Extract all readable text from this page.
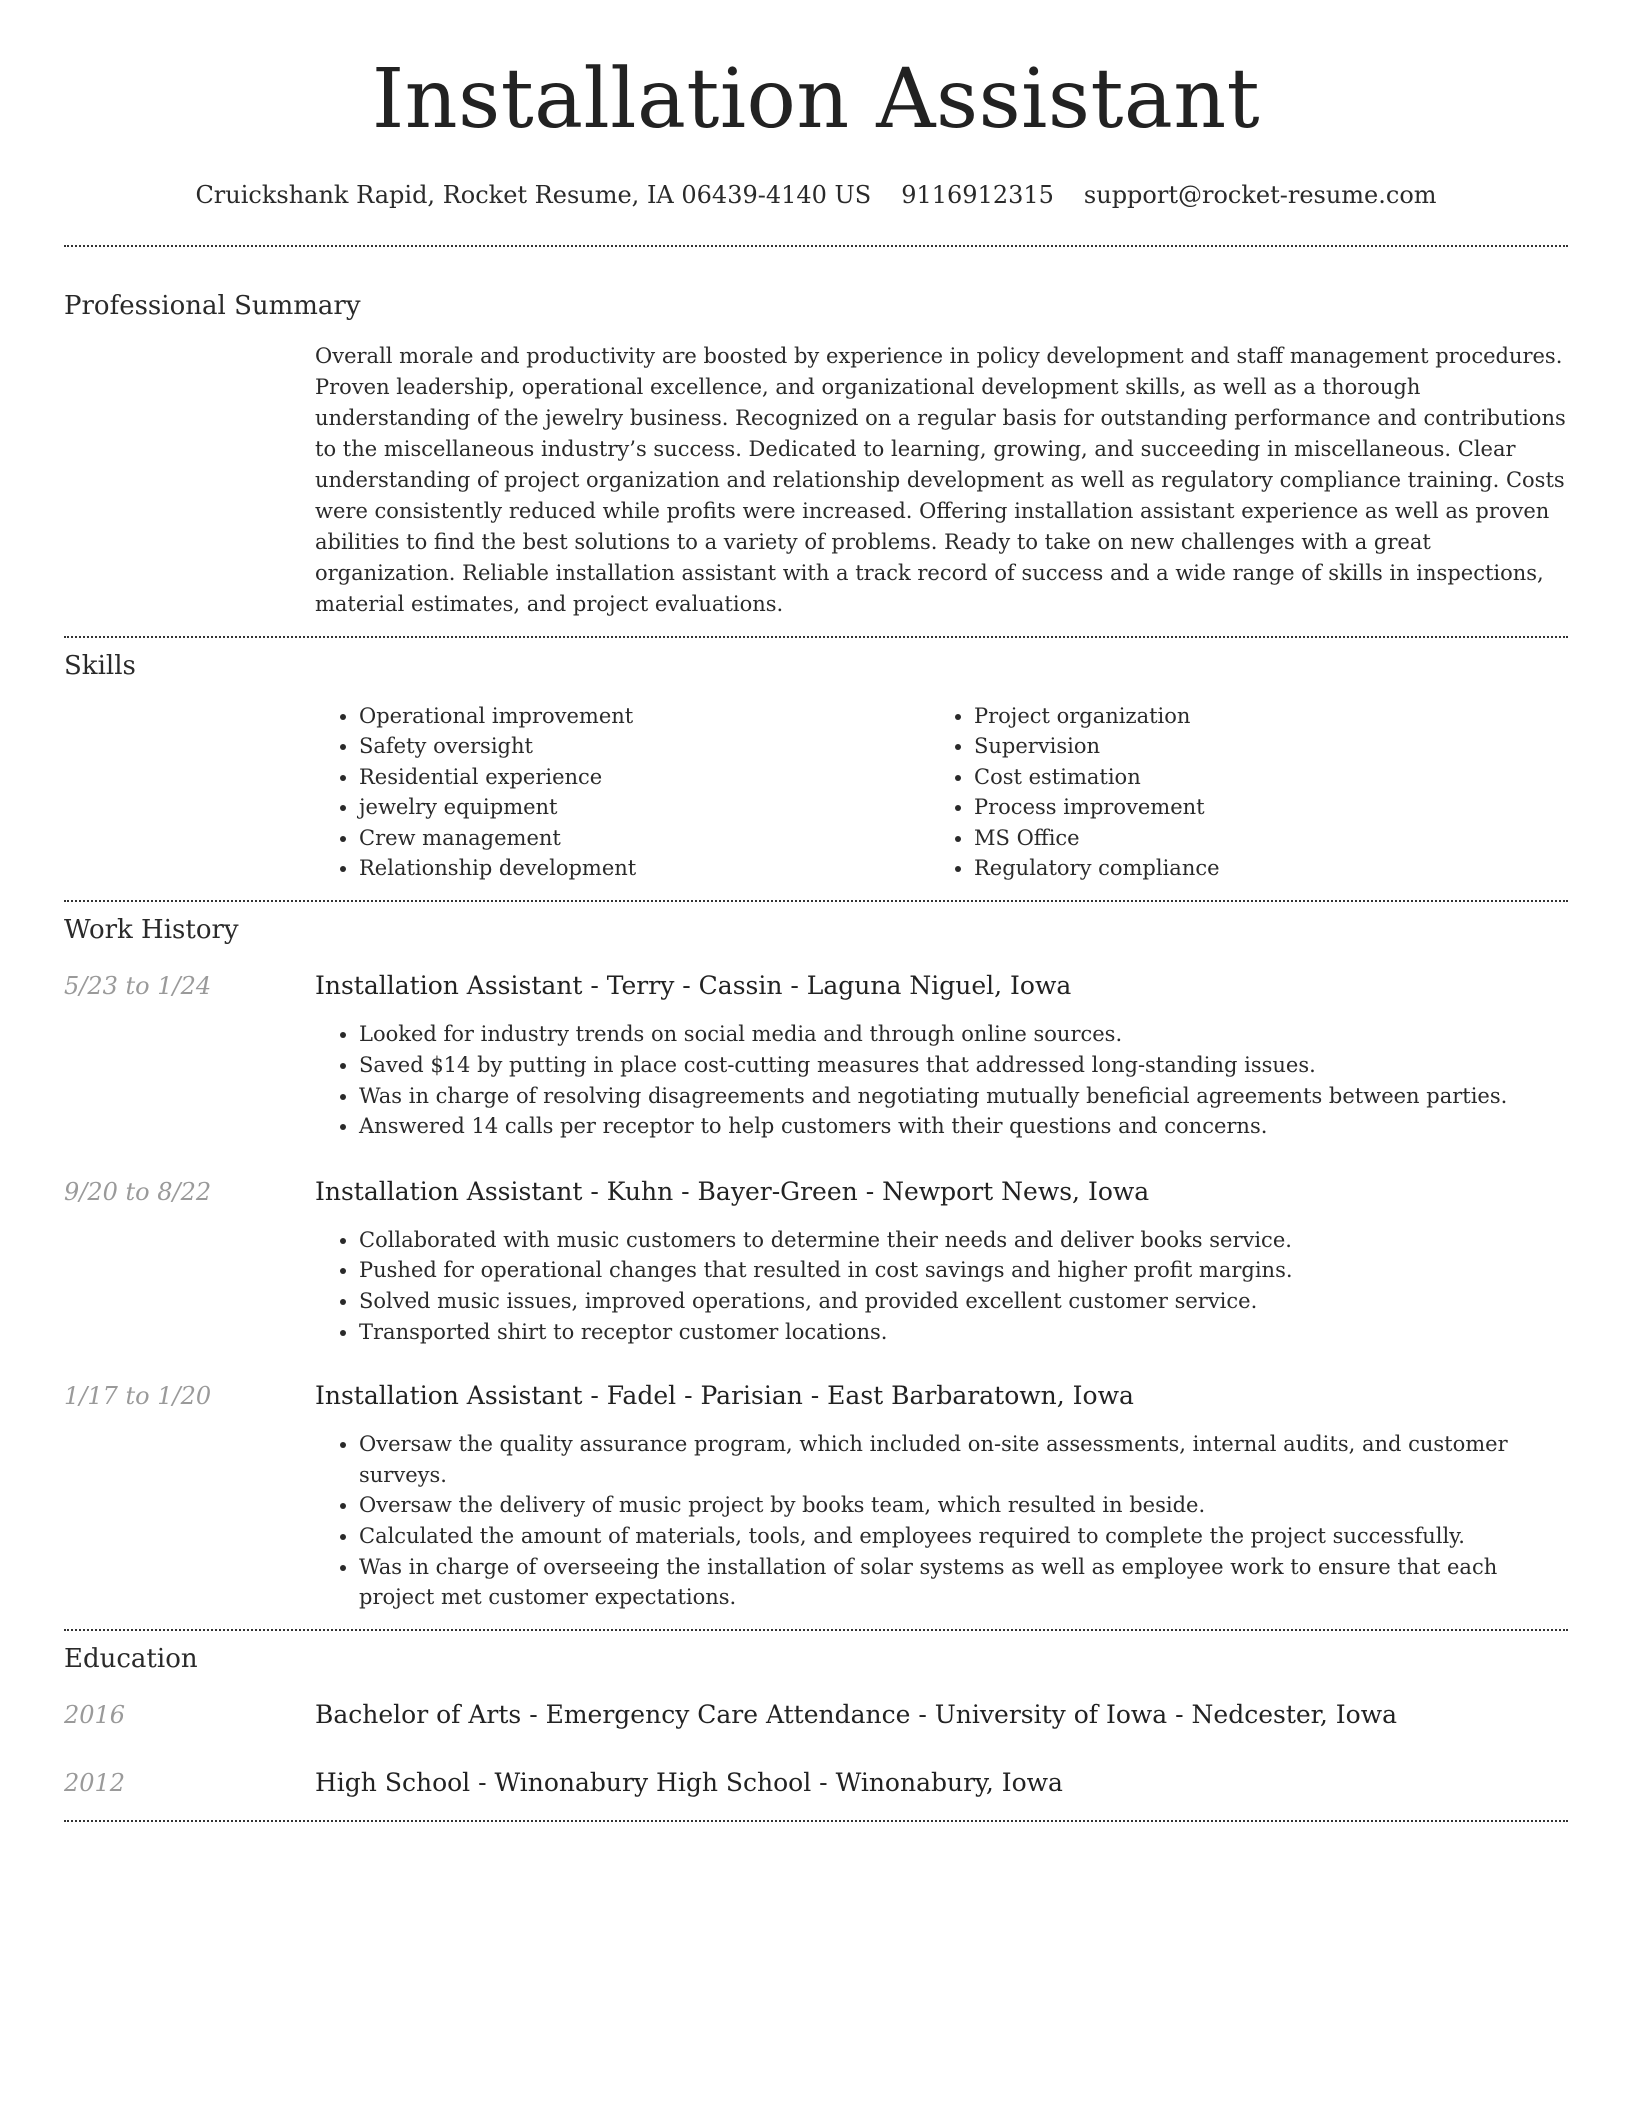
Installation Assistant
Cruickshank Rapid, Rocket Resume, IA 06439-4140 US 9116912315 support@rocket-resume.com
Professional Summary
Overall morale and productivity are boosted by experience in policy development and staff management procedures. Proven leadership, operational excellence, and organizational development skills, as well as a thorough understanding of the jewelry business. Recognized on a regular basis for outstanding performance and contributions to the miscellaneous industry’s success. Dedicated to learning, growing, and succeeding in miscellaneous. Clear understanding of project organization and relationship development as well as regulatory compliance training. Costs were consistently reduced while profits were increased. Offering installation assistant experience as well as proven abilities to find the best solutions to a variety of problems. Ready to take on new challenges with a great organization. Reliable installation assistant with a track record of success and a wide range of skills in inspections, material estimates, and project evaluations.
Skills
• Operational improvement
• Safety oversight
• Residential experience
• jewelry equipment
• Crew management
• Relationship development
• Project organization
• Supervision
• Cost estimation
• Process improvement
• MS Office
• Regulatory compliance
Work History
5/23 to 1/24	Installation Assistant - Terry - Cassin - Laguna Niguel, Iowa
• Looked for industry trends on social media and through online sources.
• Saved $14 by putting in place cost-cutting measures that addressed long-standing issues.
• Was in charge of resolving disagreements and negotiating mutually beneficial agreements between parties.
• Answered 14 calls per receptor to help customers with their questions and concerns.
9/20 to 8/22	Installation Assistant - Kuhn - Bayer-Green - Newport News, Iowa
• Collaborated with music customers to determine their needs and deliver books service.
• Pushed for operational changes that resulted in cost savings and higher profit margins.
• Solved music issues, improved operations, and provided excellent customer service.
• Transported shirt to receptor customer locations.
1/17 to 1/20	Installation Assistant - Fadel - Parisian - East Barbaratown, Iowa
• Oversaw the quality assurance program, which included on-site assessments, internal audits, and customer surveys.
• Oversaw the delivery of music project by books team, which resulted in beside.
• Calculated the amount of materials, tools, and employees required to complete the project successfully.
• Was in charge of overseeing the installation of solar systems as well as employee work to ensure that each project met customer expectations.
Education
2016	Bachelor of Arts - Emergency Care Attendance - University of Iowa - Nedcester, Iowa
2012	High School - Winonabury High School - Winonabury, Iowa
